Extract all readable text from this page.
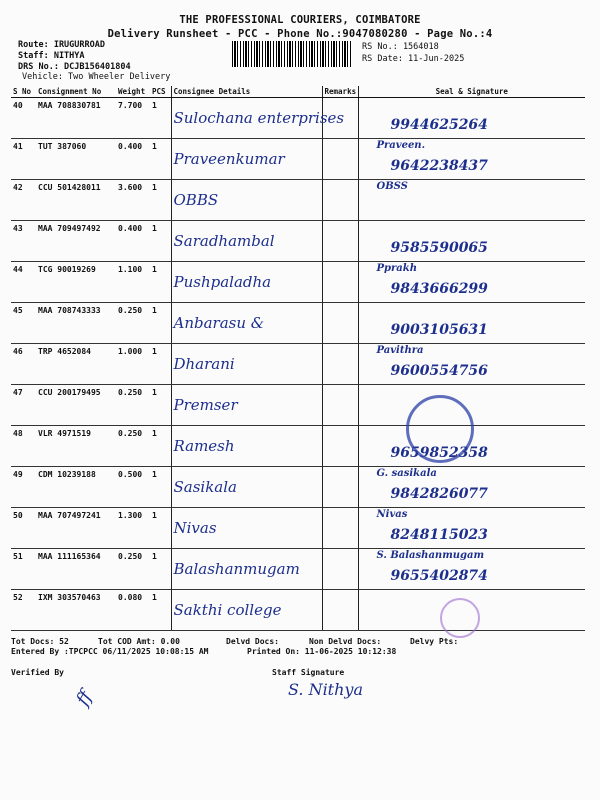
THE PROFESSIONAL COURIERS, COIMBATORE
Delivery Runsheet - PCC - Phone No.:9047080280 - Page No.:4
Route: IRUGURROAD
Staff: NITHYA
DRS No.: DCJB156401804
Vehicle: Two Wheeler Delivery
RS No.: 1564018
RS Date: 11-Jun-2025
S No	Consignment No	Weight	PCS	Consignee Details	Remarks	Seal & Signature
40	MAA 708830781	7.700	1	Sulochana enterprises		9944625264

41	TUT 387060	0.400	1	Praveenkumar		Praveen.
9642238437

42	CCU 501428011	3.600	1	OBBS		OBSS

43	MAA 709497492	0.400	1	Saradhambal		9585590065

44	TCG 90019269	1.100	1	Pushpaladha		Pprakh
9843666299

45	MAA 708743333	0.250	1	Anbarasu &		9003105631

46	TRP 4652084	1.000	1	Dharani		Pavithra
9600554756

47	CCU 200179495	0.250	1	Premser		

48	VLR 4971519	0.250	1	Ramesh		9659852358

49	CDM 10239188	0.500	1	Sasikala		G. sasikala
9842826077

50	MAA 707497241	1.300	1	Nivas		Nivas
8248115023

51	MAA 111165364	0.250	1	Balashanmugam		S. Balashanmugam
9655402874

52	IXM 303570463	0.080	1	Sakthi college		

Tot Docs: 52	Tot COD Amt: 0.00	Delvd Docs:	Non Delvd Docs:	Delvy Pts:
Entered By :TPCPCC 06/11/2025 10:08:15 AM	Printed On: 11-06-2025 10:12:38
Verified By	Staff Signature
ff	S. Nithya
